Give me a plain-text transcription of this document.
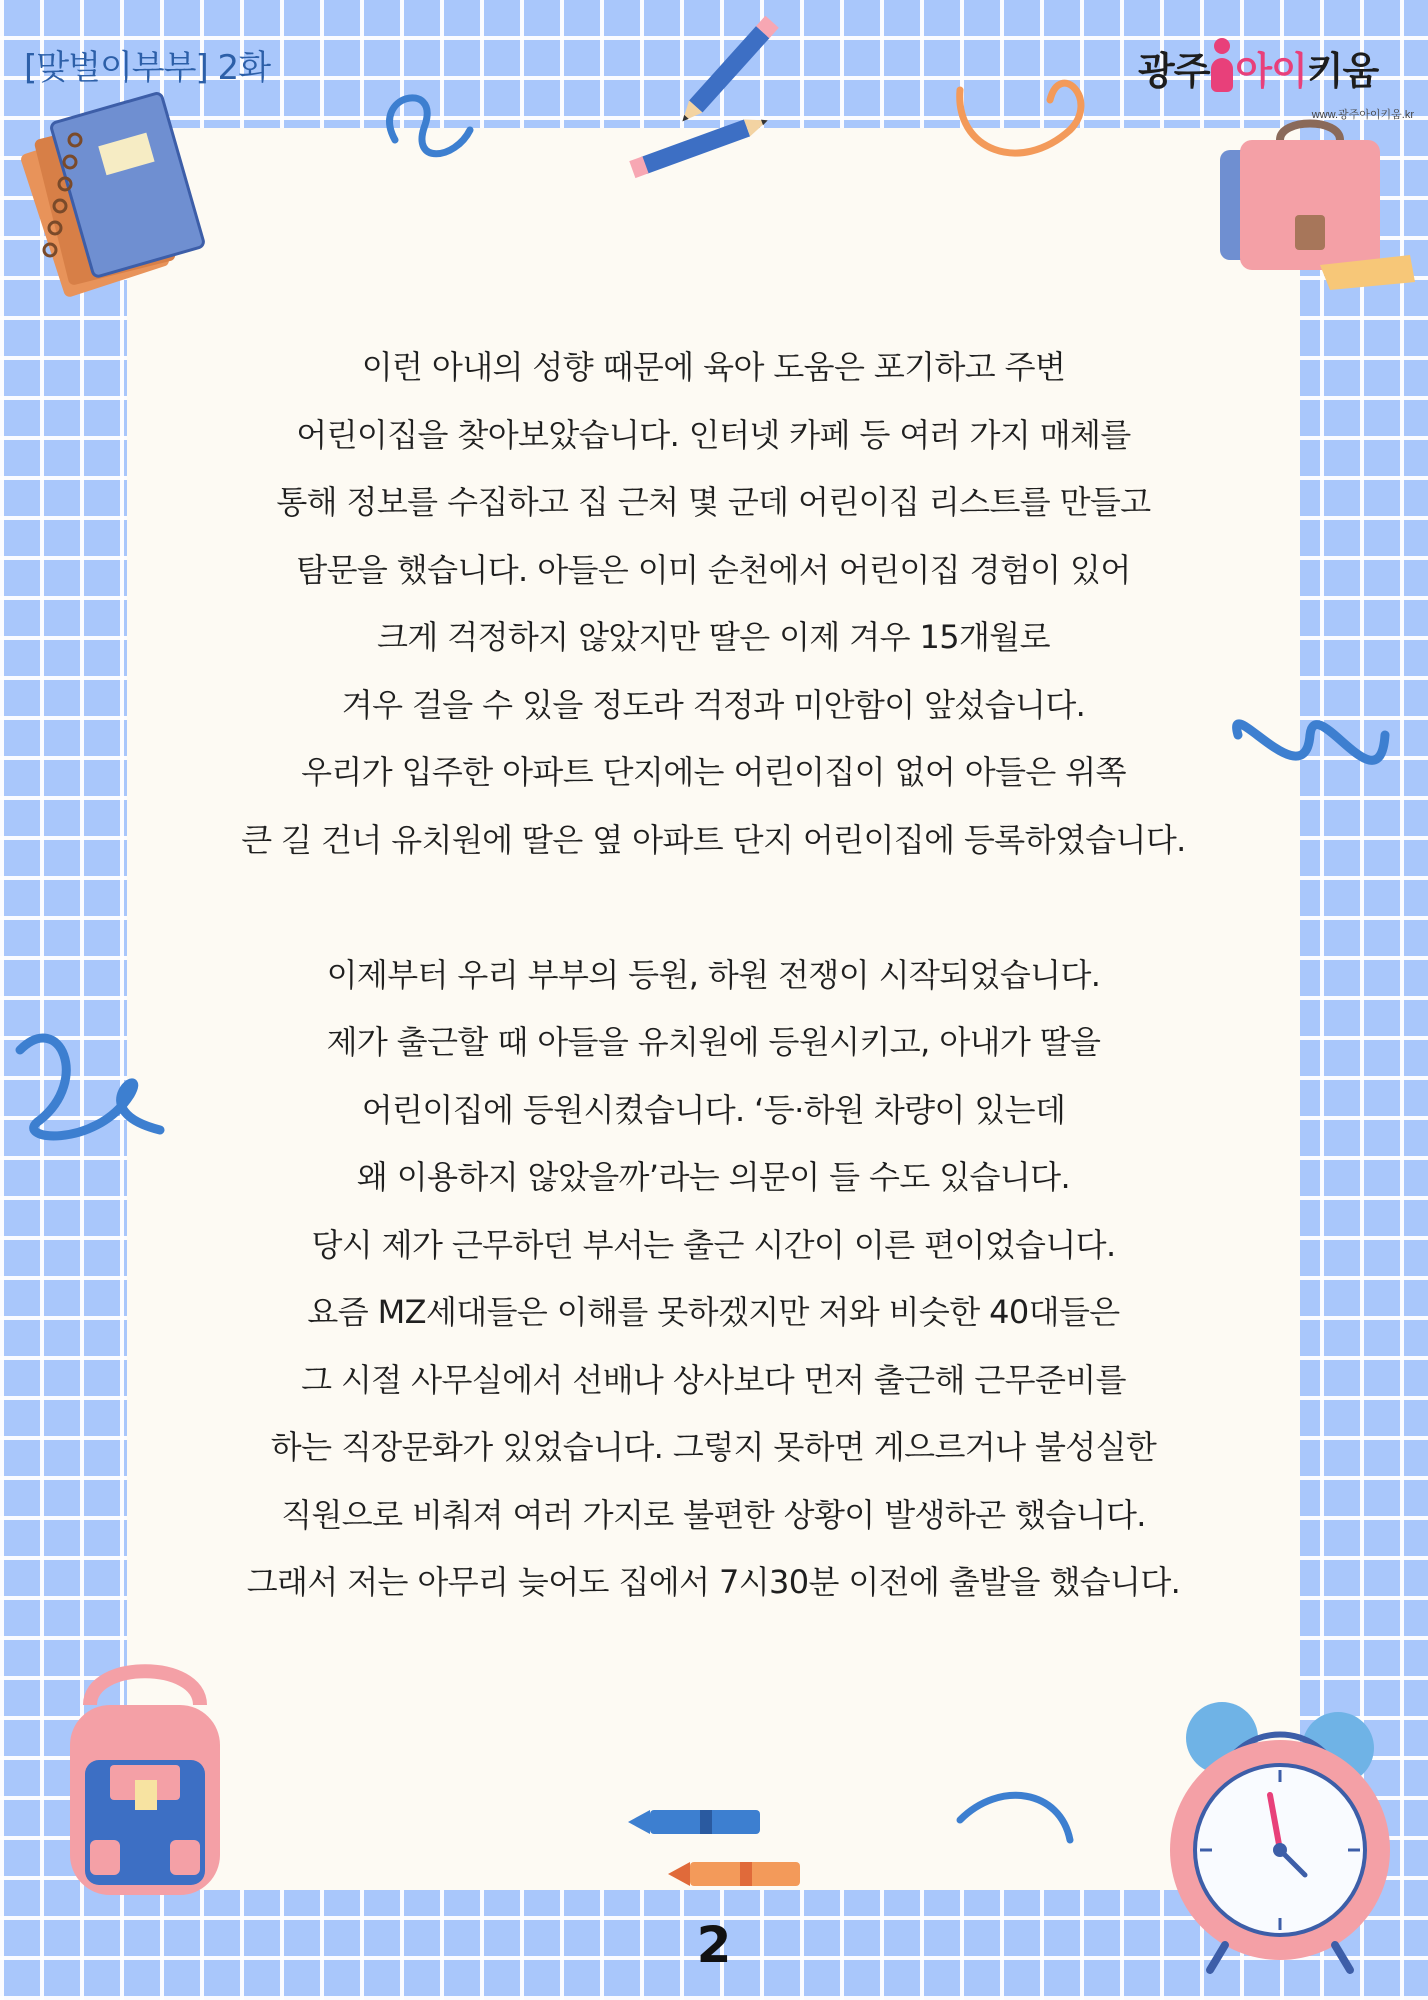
[맞벌이부부] 2화	광주 아이키움
www.광주아이키움.kr
이런 아내의 성향 때문에 육아 도움은 포기하고 주변
어린이집을 찾아보았습니다. 인터넷 카페 등 여러 가지 매체를
통해 정보를 수집하고 집 근처 몇 군데 어린이집 리스트를 만들고
탐문을 했습니다. 아들은 이미 순천에서 어린이집 경험이 있어
크게 걱정하지 않았지만 딸은 이제 겨우 15개월로
겨우 걸을 수 있을 정도라 걱정과 미안함이 앞섰습니다.
우리가 입주한 아파트 단지에는 어린이집이 없어 아들은 위쪽
큰 길 건너 유치원에 딸은 옆 아파트 단지 어린이집에 등록하였습니다.
이제부터 우리 부부의 등원, 하원 전쟁이 시작되었습니다.
제가 출근할 때 아들을 유치원에 등원시키고, 아내가 딸을
어린이집에 등원시켰습니다. ‘등·하원 차량이 있는데
왜 이용하지 않았을까’라는 의문이 들 수도 있습니다.
당시 제가 근무하던 부서는 출근 시간이 이른 편이었습니다.
요즘 MZ세대들은 이해를 못하겠지만 저와 비슷한 40대들은
그 시절 사무실에서 선배나 상사보다 먼저 출근해 근무준비를
하는 직장문화가 있었습니다. 그렇지 못하면 게으르거나 불성실한
직원으로 비춰져 여러 가지로 불편한 상황이 발생하곤 했습니다.
그래서 저는 아무리 늦어도 집에서 7시30분 이전에 출발을 했습니다.
2
